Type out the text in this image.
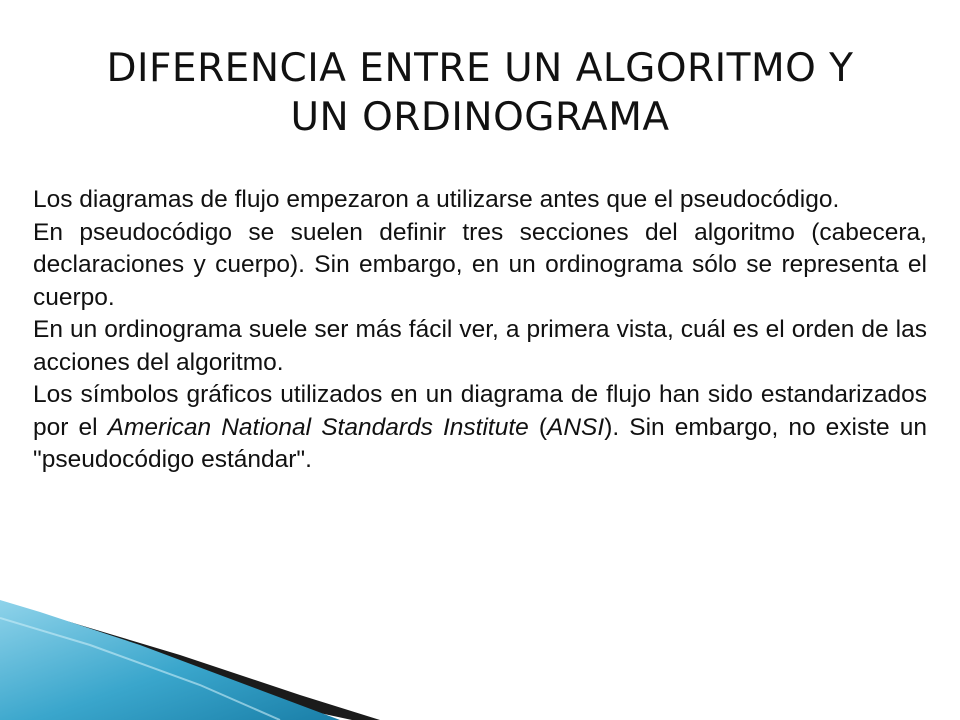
DIFERENCIA ENTRE UN ALGORITMO Y
UN ORDINOGRAMA

Los diagramas de flujo empezaron a utilizarse antes que el pseudocódigo.

En pseudocódigo se suelen definir tres secciones del algoritmo (cabecera, declaraciones y cuerpo). Sin embargo, en un ordinograma sólo se representa el cuerpo.

En un ordinograma suele ser más fácil ver, a primera vista, cuál es el orden de las acciones del algoritmo.

Los símbolos gráficos utilizados en un diagrama de flujo han sido estandarizados por el American National Standards Institute (ANSI). Sin embargo, no existe un "pseudocódigo estándar".
